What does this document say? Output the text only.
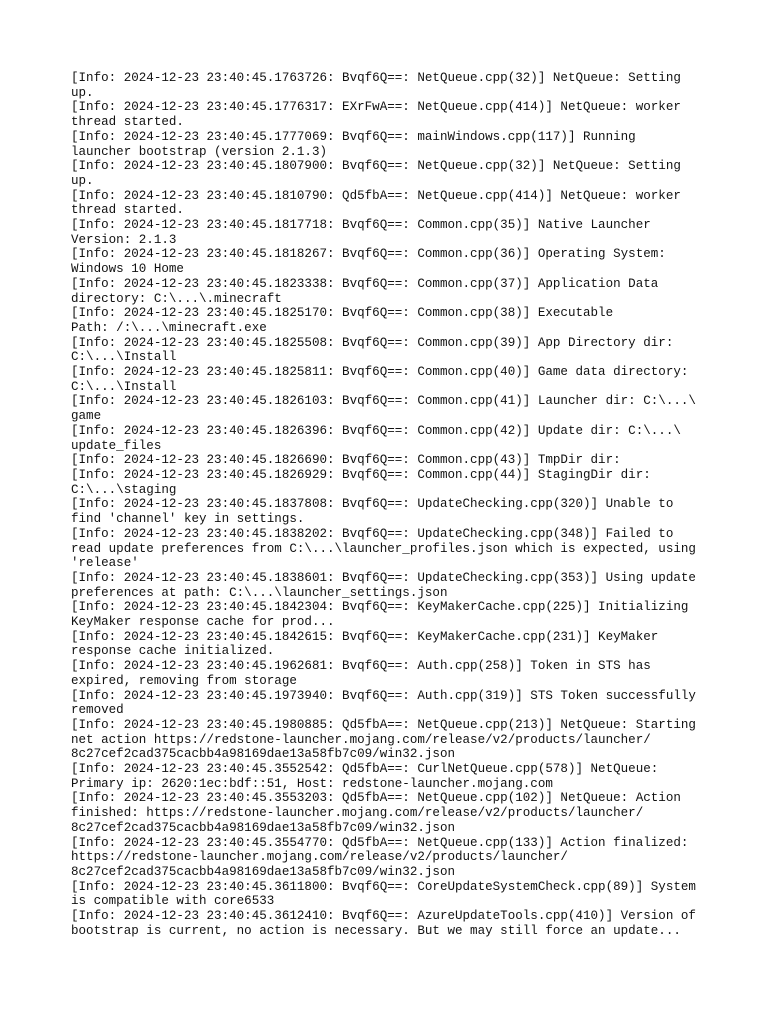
[Info: 2024-12-23 23:40:45.1763726: Bvqf6Q==: NetQueue.cpp(32)] NetQueue: Setting
up.

[Info: 2024-12-23 23:40:45.1776317: EXrFwA==: NetQueue.cpp(414)] NetQueue: worker
thread started.

[Info: 2024-12-23 23:40:45.1777069: Bvqf6Q==: mainWindows.cpp(117)] Running
launcher bootstrap (version 2.1.3)

[Info: 2024-12-23 23:40:45.1807900: Bvqf6Q==: NetQueue.cpp(32)] NetQueue: Setting
up.

[Info: 2024-12-23 23:40:45.1810790: Qd5fbA==: NetQueue.cpp(414)] NetQueue: worker
thread started.

[Info: 2024-12-23 23:40:45.1817718: Bvqf6Q==: Common.cpp(35)] Native Launcher
Version: 2.1.3

[Info: 2024-12-23 23:40:45.1818267: Bvqf6Q==: Common.cpp(36)] Operating System:
Windows 10 Home

[Info: 2024-12-23 23:40:45.1823338: Bvqf6Q==: Common.cpp(37)] Application Data
directory: C:\...\.minecraft

[Info: 2024-12-23 23:40:45.1825170: Bvqf6Q==: Common.cpp(38)] Executable
Path: /:\...\minecraft.exe

[Info: 2024-12-23 23:40:45.1825508: Bvqf6Q==: Common.cpp(39)] App Directory dir:
C:\...\Install

[Info: 2024-12-23 23:40:45.1825811: Bvqf6Q==: Common.cpp(40)] Game data directory:
C:\...\Install

[Info: 2024-12-23 23:40:45.1826103: Bvqf6Q==: Common.cpp(41)] Launcher dir: C:\...\
game

[Info: 2024-12-23 23:40:45.1826396: Bvqf6Q==: Common.cpp(42)] Update dir: C:\...\
update_files

[Info: 2024-12-23 23:40:45.1826690: Bvqf6Q==: Common.cpp(43)] TmpDir dir:

[Info: 2024-12-23 23:40:45.1826929: Bvqf6Q==: Common.cpp(44)] StagingDir dir:
C:\...\staging

[Info: 2024-12-23 23:40:45.1837808: Bvqf6Q==: UpdateChecking.cpp(320)] Unable to
find 'channel' key in settings.

[Info: 2024-12-23 23:40:45.1838202: Bvqf6Q==: UpdateChecking.cpp(348)] Failed to
read update preferences from C:\...\launcher_profiles.json which is expected, using
'release'

[Info: 2024-12-23 23:40:45.1838601: Bvqf6Q==: UpdateChecking.cpp(353)] Using update
preferences at path: C:\...\launcher_settings.json

[Info: 2024-12-23 23:40:45.1842304: Bvqf6Q==: KeyMakerCache.cpp(225)] Initializing
KeyMaker response cache for prod...

[Info: 2024-12-23 23:40:45.1842615: Bvqf6Q==: KeyMakerCache.cpp(231)] KeyMaker
response cache initialized.

[Info: 2024-12-23 23:40:45.1962681: Bvqf6Q==: Auth.cpp(258)] Token in STS has
expired, removing from storage

[Info: 2024-12-23 23:40:45.1973940: Bvqf6Q==: Auth.cpp(319)] STS Token successfully
removed

[Info: 2024-12-23 23:40:45.1980885: Qd5fbA==: NetQueue.cpp(213)] NetQueue: Starting
net action https://redstone-launcher.mojang.com/release/v2/products/launcher/
8c27cef2cad375cacbb4a98169dae13a58fb7c09/win32.json

[Info: 2024-12-23 23:40:45.3552542: Qd5fbA==: CurlNetQueue.cpp(578)] NetQueue:
Primary ip: 2620:1ec:bdf::51, Host: redstone-launcher.mojang.com

[Info: 2024-12-23 23:40:45.3553203: Qd5fbA==: NetQueue.cpp(102)] NetQueue: Action
finished: https://redstone-launcher.mojang.com/release/v2/products/launcher/
8c27cef2cad375cacbb4a98169dae13a58fb7c09/win32.json

[Info: 2024-12-23 23:40:45.3554770: Qd5fbA==: NetQueue.cpp(133)] Action finalized:
https://redstone-launcher.mojang.com/release/v2/products/launcher/
8c27cef2cad375cacbb4a98169dae13a58fb7c09/win32.json

[Info: 2024-12-23 23:40:45.3611800: Bvqf6Q==: CoreUpdateSystemCheck.cpp(89)] System
is compatible with core6533

[Info: 2024-12-23 23:40:45.3612410: Bvqf6Q==: AzureUpdateTools.cpp(410)] Version of
bootstrap is current, no action is necessary. But we may still force an update...
